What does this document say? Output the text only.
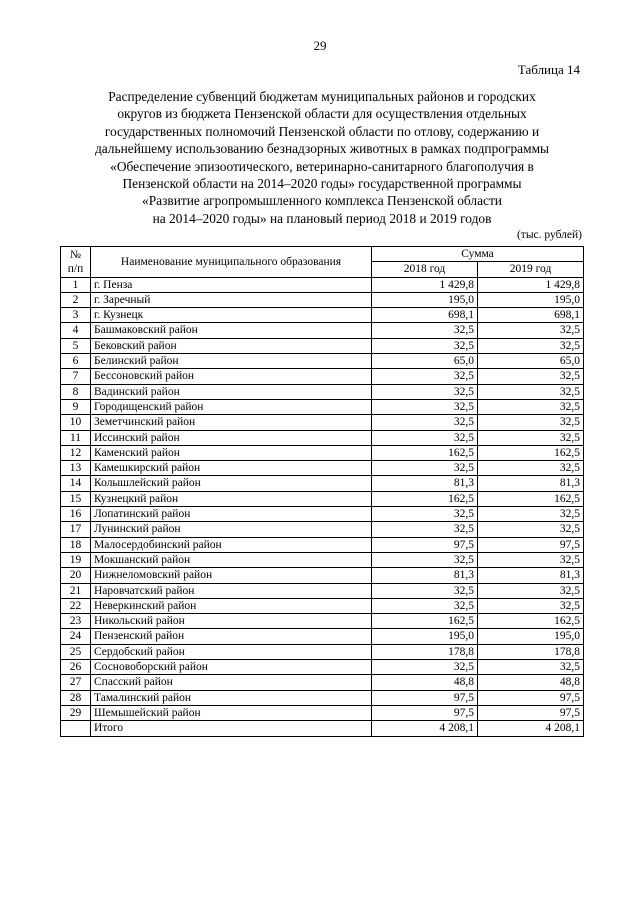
29
Таблица 14
Распределение субвенций бюджетам муниципальных районов и городских
округов из бюджета Пензенской области для осуществления отдельных
государственных полномочий Пензенской области по отлову, содержанию и
дальнейшему использованию безнадзорных животных в рамках подпрограммы
«Обеспечение эпизоотического, ветеринарно-санитарного благополучия в
Пензенской области на 2014–2020 годы» государственной программы
«Развитие агропромышленного комплекса Пензенской области
на 2014–2020 годы» на плановый период 2018 и 2019 годов
(тыс. рублей)
№
п/п	Наименование муниципального образования	Сумма	
		2018 год	2019 год
1	г. Пенза	1 429,8	1 429,8
2	г. Заречный	195,0	195,0
3	г. Кузнецк	698,1	698,1
4	Башмаковский район	32,5	32,5
5	Бековский район	32,5	32,5
6	Белинский район	65,0	65,0
7	Бессоновский район	32,5	32,5
8	Вадинский район	32,5	32,5
9	Городищенский район	32,5	32,5
10	Земетчинский район	32,5	32,5
11	Иссинский район	32,5	32,5
12	Каменский район	162,5	162,5
13	Камешкирский район	32,5	32,5
14	Колышлейский район	81,3	81,3
15	Кузнецкий район	162,5	162,5
16	Лопатинский район	32,5	32,5
17	Лунинский район	32,5	32,5
18	Малосердобинский район	97,5	97,5
19	Мокшанский район	32,5	32,5
20	Нижнеломовский район	81,3	81,3
21	Наровчатский район	32,5	32,5
22	Неверкинский район	32,5	32,5
23	Никольский район	162,5	162,5
24	Пензенский район	195,0	195,0
25	Сердобский район	178,8	178,8
26	Сосновоборский район	32,5	32,5
27	Спасский район	48,8	48,8
28	Тамалинский район	97,5	97,5
29	Шемышейский район	97,5	97,5
	Итого	4 208,1	4 208,1
